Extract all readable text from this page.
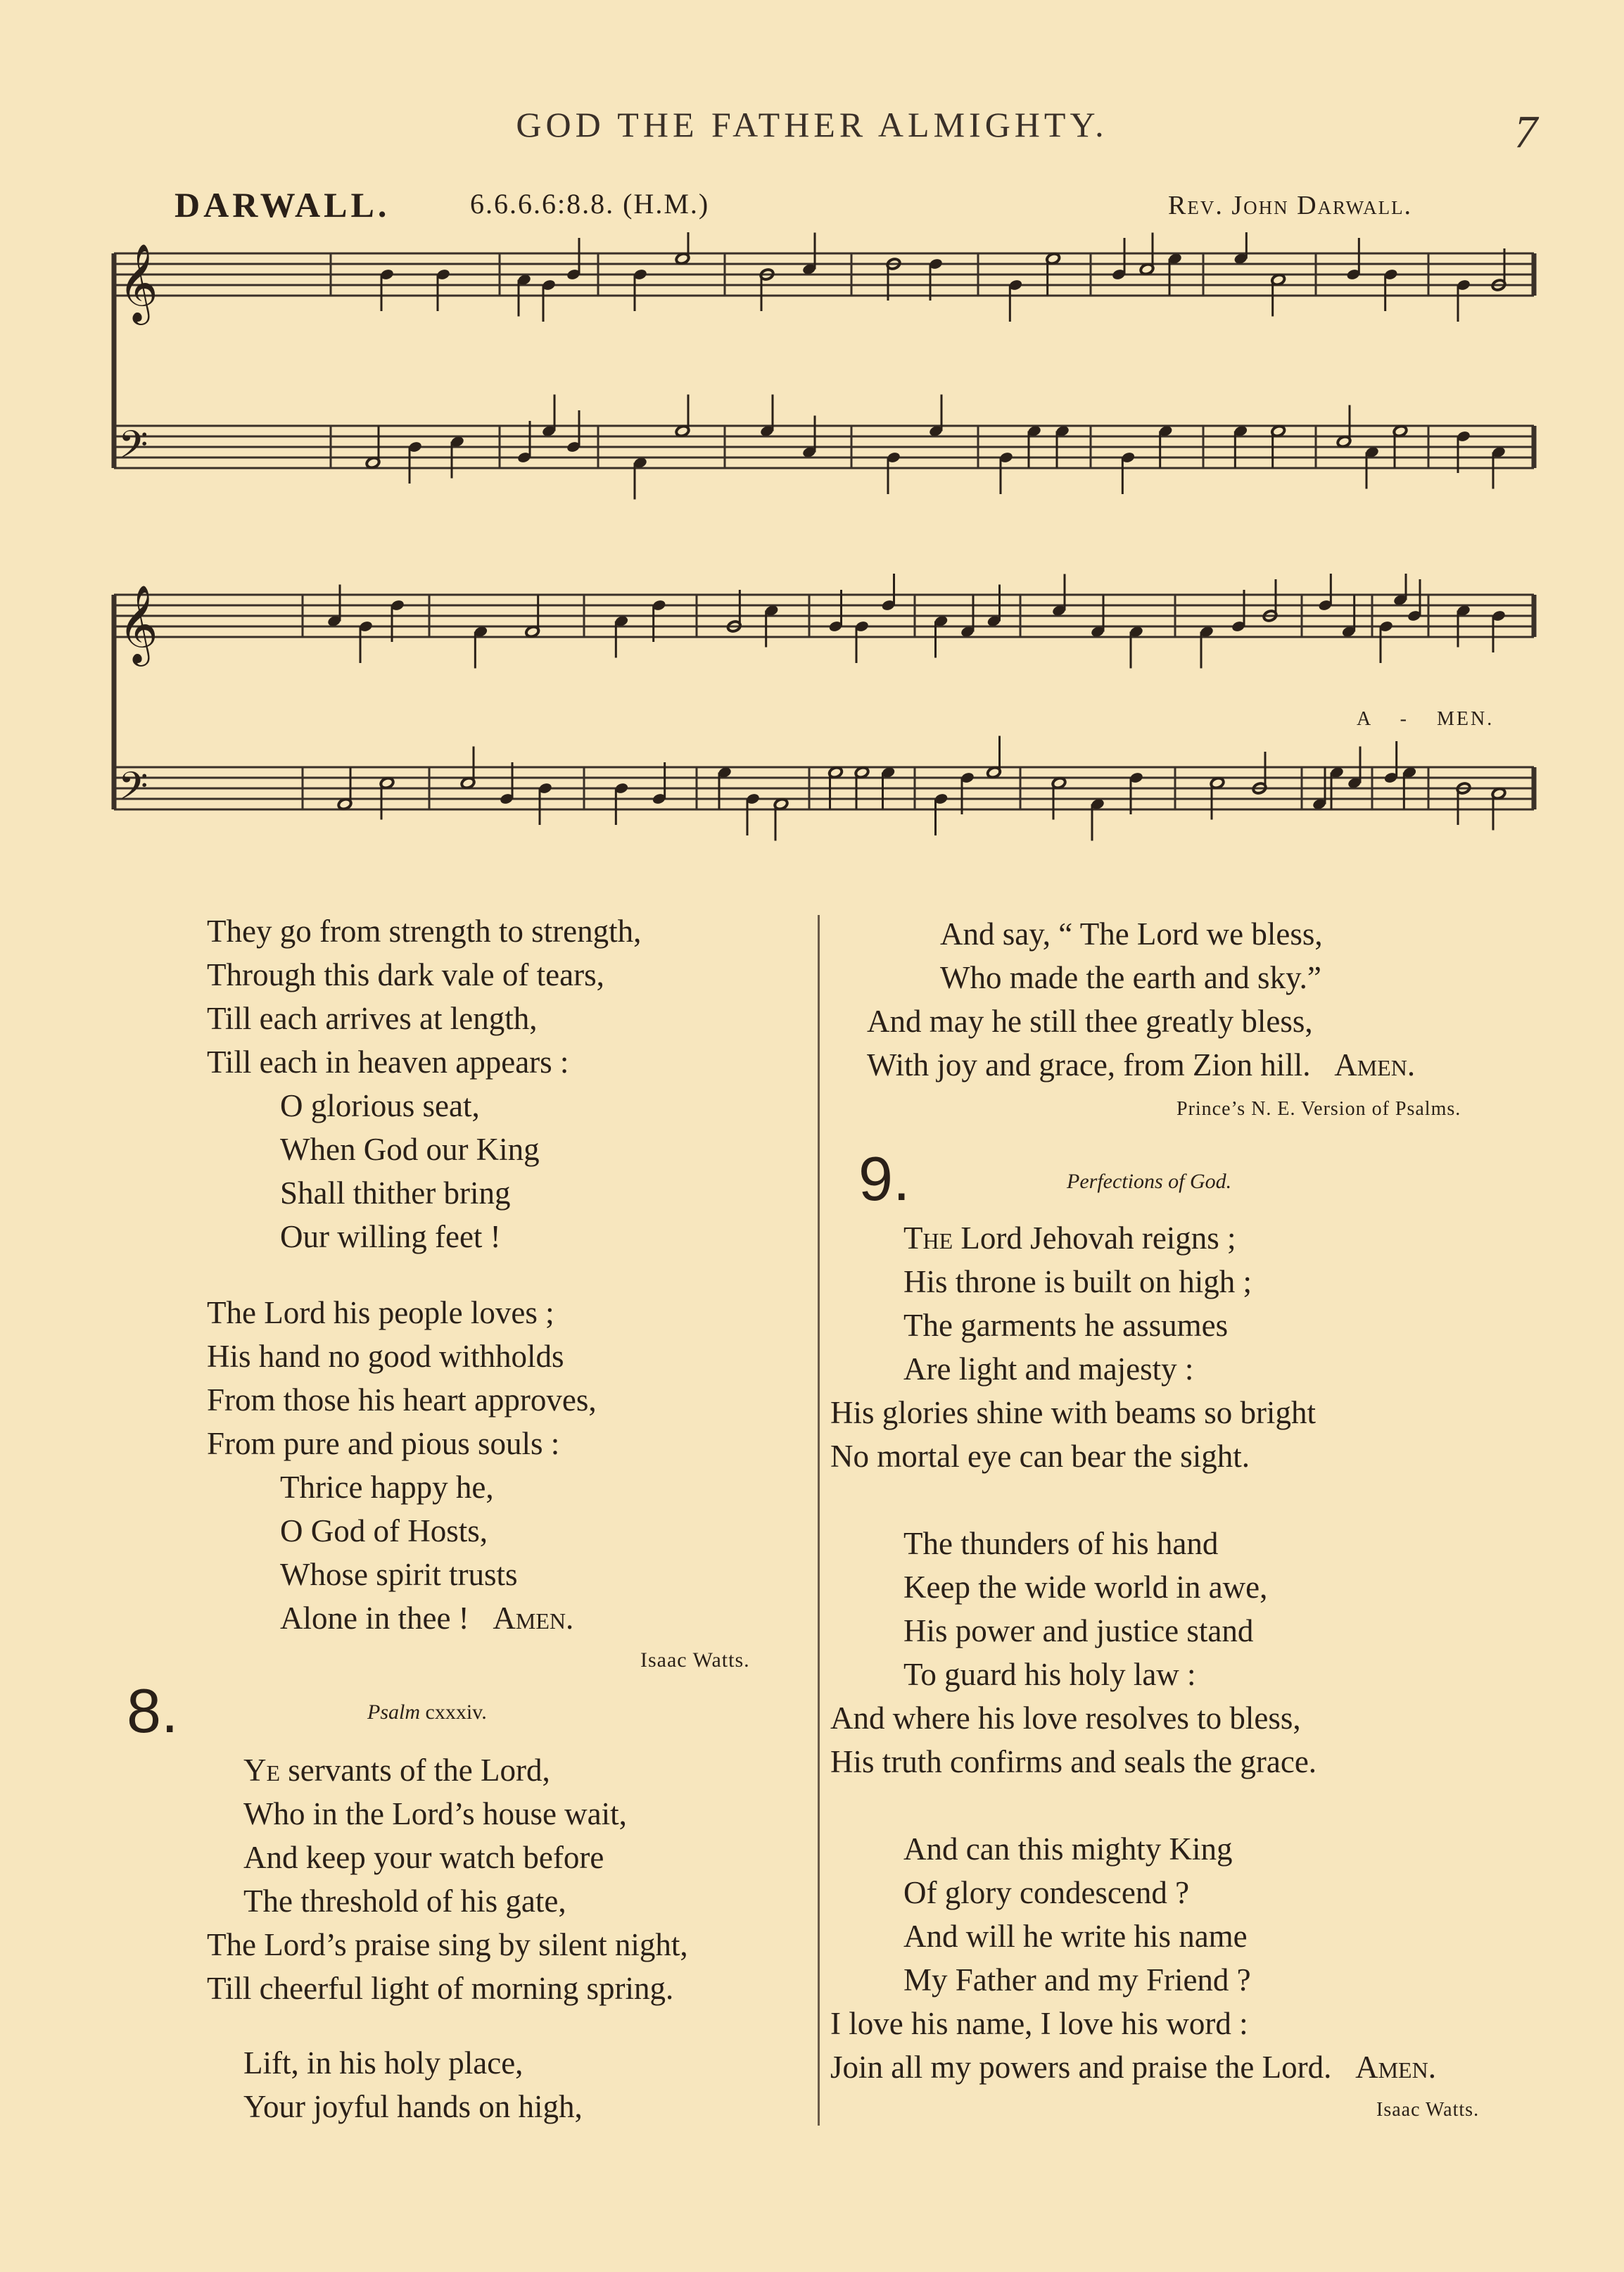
GOD THE FATHER ALMIGHTY.	7
DARWALL.	6.6.6.6:8.8. (H.M.)	Rev. John Darwall.
𝄞
𝄢
𝄞
𝄢
A - MEN.
They go from strength to strength,
Through this dark vale of tears,
Till each arrives at length,
Till each in heaven appears :
O glorious seat,
When God our King
Shall thither bring
Our willing feet !
The Lord his people loves ;
His hand no good withholds
From those his heart approves,
From pure and pious souls :
Thrice happy he,
O God of Hosts,
Whose spirit trusts
Alone in thee ! Amen.
Isaac Watts.
8.	Psalm cxxxiv.
Ye servants of the Lord,
Who in the Lord’s house wait,
And keep your watch before
The threshold of his gate,
The Lord’s praise sing by silent night,
Till cheerful light of morning spring.
Lift, in his holy place,
Your joyful hands on high,
And say, “ The Lord we bless,
Who made the earth and sky.”
And may he still thee greatly bless,
With joy and grace, from Zion hill. Amen.
Prince’s N. E. Version of Psalms.
9.	Perfections of God.
The Lord Jehovah reigns ;
His throne is built on high ;
The garments he assumes
Are light and majesty :
His glories shine with beams so bright
No mortal eye can bear the sight.
The thunders of his hand
Keep the wide world in awe,
His power and justice stand
To guard his holy law :
And where his love resolves to bless,
His truth confirms and seals the grace.
And can this mighty King
Of glory condescend ?
And will he write his name
My Father and my Friend ?
I love his name, I love his word :
Join all my powers and praise the Lord. Amen.
Isaac Watts.
